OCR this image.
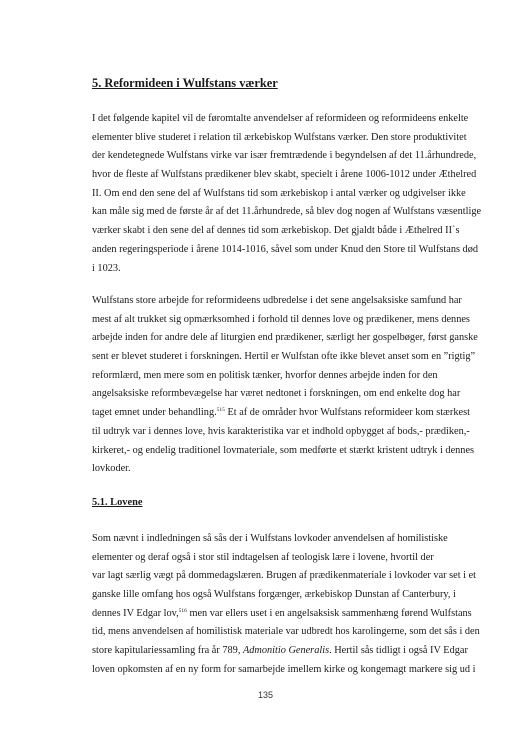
5. Reformideen i Wulfstans værker
I det følgende kapitel vil de føromtalte anvendelser af reformideen og reformideens enkelte
elementer blive studeret i relation til ærkebiskop Wulfstans værker. Den store produktivitet
der kendetegnede Wulfstans virke var især fremtrædende i begyndelsen af det 11.århundrede,
hvor de fleste af Wulfstans prædikener blev skabt, specielt i årene 1006-1012 under Æthelred
II. Om end den sene del af Wulfstans tid som ærkebiskop i antal værker og udgivelser ikke
kan måle sig med de første år af det 11.århundrede, så blev dog nogen af Wulfstans væsentlige
værker skabt i den sene del af dennes tid som ærkebiskop. Det gjaldt både i Æthelred II`s
anden regeringsperiode i årene 1014-1016, såvel som under Knud den Store til Wulfstans død
i 1023.
Wulfstans store arbejde for reformideens udbredelse i det sene angelsaksiske samfund har
mest af alt trukket sig opmærksomhed i forhold til dennes love og prædikener, mens dennes
arbejde inden for andre dele af liturgien end prædikener, særligt her gospelbøger, først ganske
sent er blevet studeret i forskningen. Hertil er Wulfstan ofte ikke blevet anset som en ”rigtig”
reformlærd, men mere som en politisk tænker, hvorfor dennes arbejde inden for den
angelsaksiske reformbevægelse har været nedtonet i forskningen, om end enkelte dog har
taget emnet under behandling.$^{515}$ Et af de områder hvor Wulfstans reformideer kom stærkest
til udtryk var i dennes love, hvis karakteristika var et indhold opbygget af bods,- prædiken,-
kirkeret,- og endelig traditionel lovmateriale, som medførte et stærkt kristent udtryk i dennes
lovkoder.
5.1. Lovene
Som nævnt i indledningen så sås der i Wulfstans lovkoder anvendelsen af homilistiske
elementer og deraf også i stor stil indtagelsen af teologisk lære i lovene, hvortil der
var lagt særlig vægt på dommedagslæren. Brugen af prædikenmateriale i lovkoder var set i et
ganske lille omfang hos også Wulfstans forgænger, ærkebiskop Dunstan af Canterbury, i
dennes IV Edgar lov,$^{516}$ men var ellers uset i en angelsaksisk sammenhæng førend Wulfstans
tid, mens anvendelsen af homilistisk materiale var udbredt hos karolingerne, som det sås i den
store kapitulariessamling fra år 789, Admonitio Generalis. Hertil sås tidligt i også IV Edgar
loven opkomsten af en ny form for samarbejde imellem kirke og kongemagt markere sig ud i
135
